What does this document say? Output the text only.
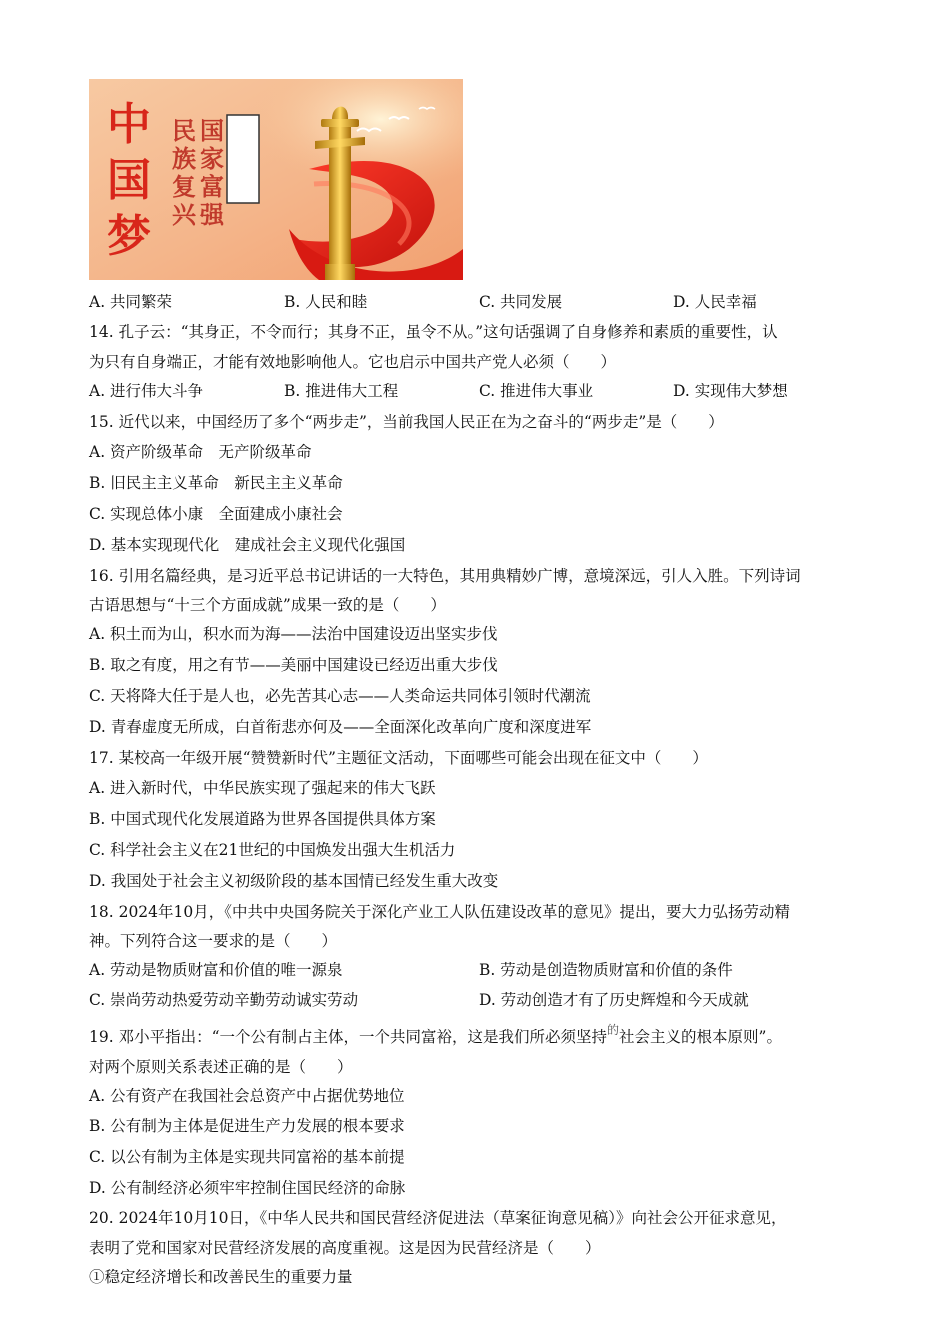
中
国
梦
民
族
复
兴
国
家
富
强
A. 共同繁荣	B. 人民和睦	C. 共同发展	D. 人民幸福
14. 孔子云：“其身正，不令而行；其身不正，虽令不从。”这句话强调了自身修养和素质的重要性，认
为只有自身端正，才能有效地影响他人。它也启示中国共产党人必须（　　）
A. 进行伟大斗争	B. 推进伟大工程	C. 推进伟大事业	D. 实现伟大梦想
15. 近代以来，中国经历了多个“两步走”，当前我国人民正在为之奋斗的“两步走”是（　　）
A. 资产阶级革命　无产阶级革命
B. 旧民主主义革命　新民主主义革命
C. 实现总体小康　全面建成小康社会
D. 基本实现现代化　建成社会主义现代化强国
16. 引用名篇经典，是习近平总书记讲话的一大特色，其用典精妙广博，意境深远，引人入胜。下列诗词
古语思想与“十三个方面成就”成果一致的是（　　）
A. 积土而为山，积水而为海——法治中国建设迈出坚实步伐
B. 取之有度，用之有节——美丽中国建设已经迈出重大步伐
C. 天将降大任于是人也，必先苦其心志——人类命运共同体引领时代潮流
D. 青春虚度无所成，白首衔悲亦何及——全面深化改革向广度和深度进军
17. 某校高一年级开展“赞赞新时代”主题征文活动，下面哪些可能会出现在征文中（　　）
A. 进入新时代，中华民族实现了强起来的伟大飞跃
B. 中国式现代化发展道路为世界各国提供具体方案
C. 科学社会主义在21世纪的中国焕发出强大生机活力
D. 我国处于社会主义初级阶段的基本国情已经发生重大改变
18. 2024年10月，《中共中央国务院关于深化产业工人队伍建设改革的意见》提出，要大力弘扬劳动精
神。下列符合这一要求的是（　　）
A. 劳动是物质财富和价值的唯一源泉	B. 劳动是创造物质财富和价值的条件
C. 崇尚劳动热爱劳动辛勤劳动诚实劳动	D. 劳动创造才有了历史辉煌和今天成就
19. 邓小平指出：“一个公有制占主体，一个共同富裕，这是我们所必须坚持$^的$社会主义的根本原则”。
对两个原则关系表述正确的是（　　）
A. 公有资产在我国社会总资产中占据优势地位
B. 公有制为主体是促进生产力发展的根本要求
C. 以公有制为主体是实现共同富裕的基本前提
D. 公有制经济必须牢牢控制住国民经济的命脉
20. 2024年10月10日，《中华人民共和国民营经济促进法（草案征询意见稿）》向社会公开征求意见，
表明了党和国家对民营经济发展的高度重视。这是因为民营经济是（　　）
①稳定经济增长和改善民生的重要力量
